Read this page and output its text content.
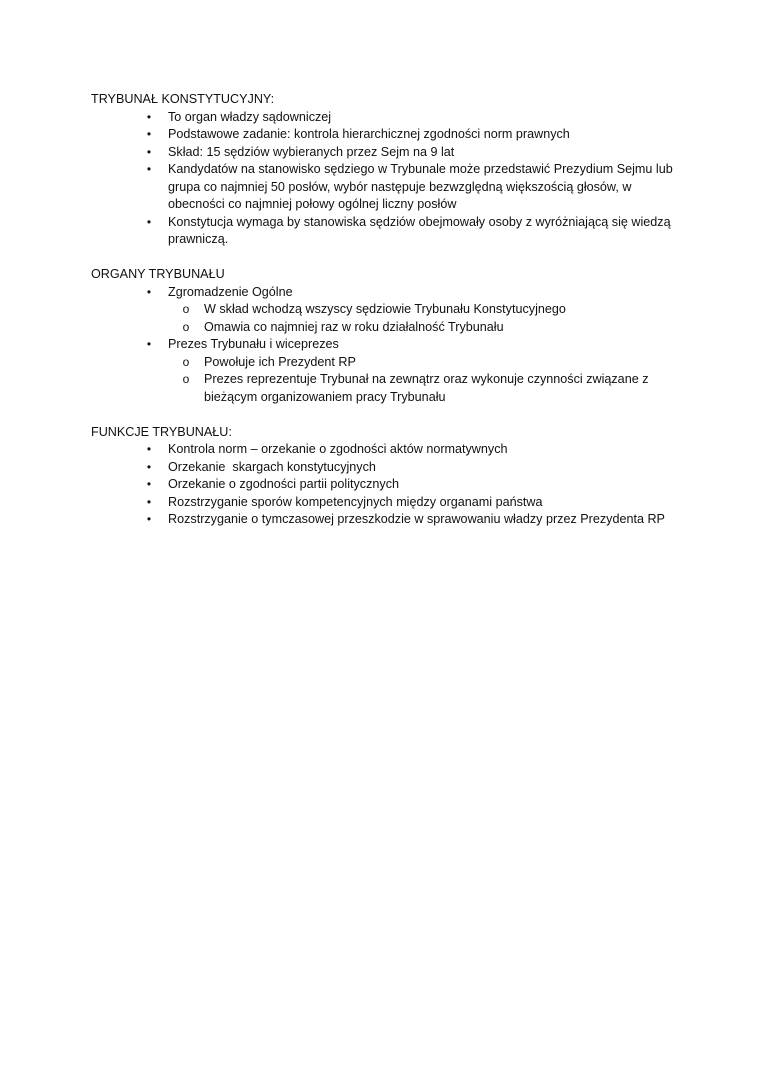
TRYBUNAŁ KONSTYTUCYJNY:

• To organ władzy sądowniczej
• Podstawowe zadanie: kontrola hierarchicznej zgodności norm prawnych
• Skład: 15 sędziów wybieranych przez Sejm na 9 lat
• Kandydatów na stanowisko sędziego w Trybunale może przedstawić Prezydium Sejmu lub grupa co najmniej 50 posłów, wybór następuje bezwzględną większością głosów, w obecności co najmniej połowy ogólnej liczny posłów
• Konstytucja wymaga by stanowiska sędziów obejmowały osoby z wyróżniającą się wiedzą prawniczą.

ORGANY TRYBUNAŁU

• Zgromadzenie Ogólne
o W skład wchodzą wszyscy sędziowie Trybunału Konstytucyjnego
o Omawia co najmniej raz w roku działalność Trybunału
• Prezes Trybunału i wiceprezes
o Powołuje ich Prezydent RP
o Prezes reprezentuje Trybunał na zewnątrz oraz wykonuje czynności związane z bieżącym organizowaniem pracy Trybunału

FUNKCJE TRYBUNAŁU:

• Kontrola norm – orzekanie o zgodności aktów normatywnych
• Orzekanie  skargach konstytucyjnych
• Orzekanie o zgodności partii politycznych
• Rozstrzyganie sporów kompetencyjnych między organami państwa
• Rozstrzyganie o tymczasowej przeszkodzie w sprawowaniu władzy przez Prezydenta RP
